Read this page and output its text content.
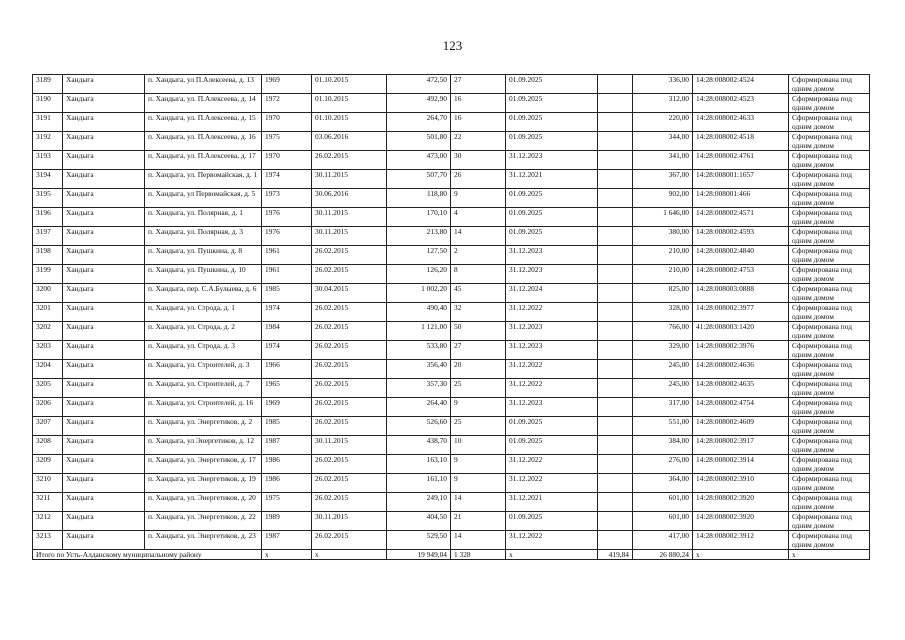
123
3189	Хандыга	п. Хандыга, ул П.Алексеева, д. 13	1969	01.10.2015	472,50	27	01.09.2025		336,00	14:28:008002:4524	Сформирована под одним домом
3190	Хандыга	п. Хандыга, ул. П.Алексеева, д. 14	1972	01.10.2015	492,90	16	01.09.2025		312,00	14:28:008002:4523	Сформирована под одним домом
3191	Хандыга	п. Хандыга, ул. П.Алексеева, д. 15	1970	01.10.2015	264,70	16	01.09.2025		220,00	14:28:008002:4633	Сформирована под одним домом
3192	Хандыга	п. Хандыга, ул. П.Алексеева, д. 16	1975	03.06.2016	501,80	22	01.09.2025		344,00	14:28:008002:4518	Сформирована под одним домом
3193	Хандыга	п. Хандыга, ул. П.Алексеева, д. 17	1970	26.02.2015	473,00	30	31.12.2023		341,00	14:28:008002:4761	Сформирована под одним домом
3194	Хандыга	п. Хандыга, ул. Первомайская, д. 1	1974	30.11.2015	507,70	26	31.12.2021		367,00	14:28:008001:1657	Сформирована под одним домом
3195	Хандыга	п. Хандыга, ул Первомайская, д. 5	1973	30.06.2016	118,80	9	01.09.2025		902,00	14:28:008001:466	Сформирована под одним домом
3196	Хандыга	п. Хандыга, ул. Полярная, д. 1	1976	30.11.2015	170,10	4	01.09.2025		1 646,00	14:28:008002:4571	Сформирована под одним домом
3197	Хандыга	п. Хандыга, ул. Полярная, д. 3	1976	30.11.2015	213,80	14	01.09.2025		380,00	14:28:008002:4593	Сформирована под одним домом
3198	Хандыга	п. Хандыга, ул. Пушкина, д. 8	1961	26.02.2015	127,50	2	31.12.2023		210,00	14:28:008002:4840	Сформирована под одним домом
3199	Хандыга	п. Хандыга, ул. Пушкина, д. 10	1961	26.02.2015	126,20	8	31.12.2023		210,00	14:28:008002:4753	Сформирована под одним домом
3200	Хандыга	п. Хандыга, пер. С.А.Булыева, д. 6	1985	30.04.2015	1 002,20	45	31.12.2024		825,00	14:28:008003:0888	Сформирована под одним домом
3201	Хандыга	п. Хандыга, ул. Строда, д. 1	1974	26.02.2015	490,40	32	31.12.2022		328,00	14:28:008002:3977	Сформирована под одним домом
3202	Хандыга	п. Хандыга, ул. Строда, д. 2	1984	26.02.2015	1 121,00	50	31.12.2023		766,00	41:28:008003:1420	Сформирована под одним домом
3203	Хандыга	п. Хандыга, ул. Строда, д. 3	1974	26.02.2015	533,80	27	31.12.2023		329,00	14:28:008002:3976	Сформирована под одним домом
3204	Хандыга	п. Хандыга, ул. Строителей, д. 3	1966	26.02.2015	356,40	20	31.12.2022		245,00	14:28:008002:4636	Сформирована под одним домом
3205	Хандыга	п. Хандыга, ул. Строителей, д. 7	1965	26.02.2015	357,30	25	31.12.2022		245,00	14:28:008002:4635	Сформирована под одним домом
3206	Хандыга	п. Хандыга, ул. Строителей, д. 16	1969	26.02.2015	264,40	9	31.12.2023		317,00	14:28:008002:4754	Сформирована под одним домом
3207	Хандыга	п. Хандыга, ул. Энергетиков, д. 2	1985	26.02.2015	526,60	25	01.09.2025		551,00	14:28:008002:4609	Сформирована под одним домом
3208	Хандыга	п. Хандыга, ул Энергетиков, д. 12	1987	30.11.2015	438,70	10	01.09.2025		384,00	14:28:008002:3917	Сформирована под одним домом
3209	Хандыга	п. Хандыга, ул. Энергетиков, д. 17	1986	26.02.2015	163,10	9	31.12.2022		276,00	14:28:008002:3914	Сформирована под одним домом
3210	Хандыга	п. Хандыга, ул. Энергетиков, д. 19	1986	26.02.2015	161,10	9	31.12.2022		364,00	14:28:008002:3910	Сформирована под одним домом
3211	Хандыга	п. Хандыга, ул. Энергетиков, д. 20	1975	26.02.2015	249,10	14	31.12.2021		601,00	14:28:008002:3920	Сформирована под одним домом
3212	Хандыга	п. Хандыга, ул. Энергетиков, д. 22	1989	30.11.2015	404,50	21	01.09.2025		601,00	14:28:008002:3920	Сформирована под одним домом
3213	Хандыга	п. Хандыга, ул. Энергетиков, д. 23	1987	26.02.2015	529,50	14	31.12.2022		417,00	14:28:008002:3912	Сформирована под одним домом
Итого по Усть-Алданскому муниципальному району			х	х	19 949,04	1 328	х	419,84	26 880,24	х	х
